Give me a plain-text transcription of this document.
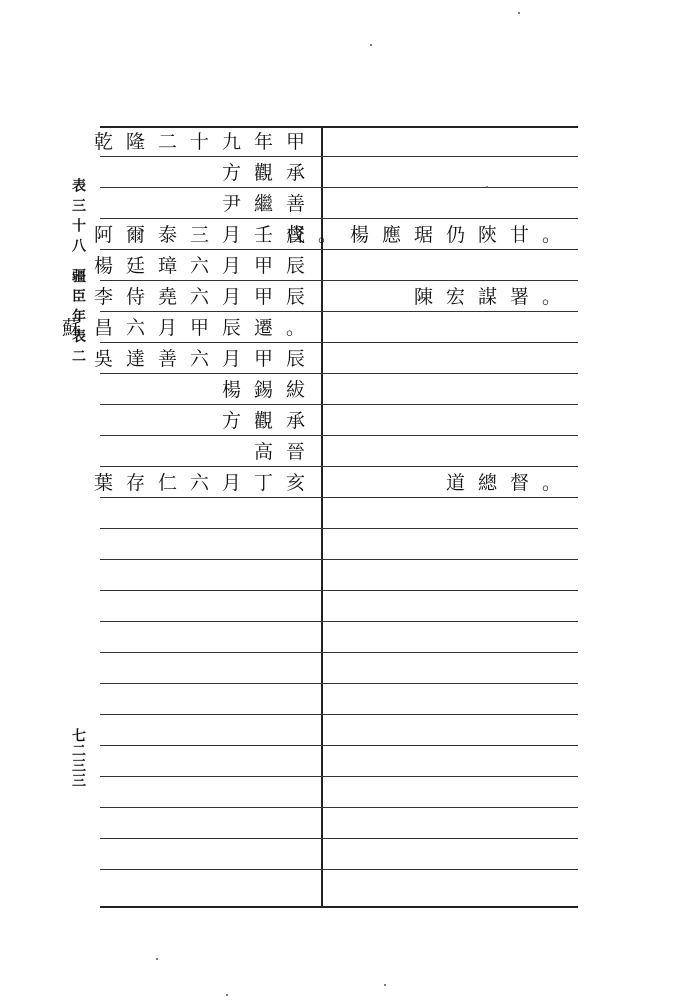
表三十八 疆臣年表二
七二三三
乾隆二十九年甲
方觀承
尹繼善
阿爾泰三月壬戌
督。楊應琚仍陝甘。
楊廷璋六月甲辰
李侍堯六月甲辰	陳宏謀署。
蘇昌六月甲辰遷。
吳達善六月甲辰
楊錫紱
方觀承
高晉
葉存仁六月丁亥	道總督。
